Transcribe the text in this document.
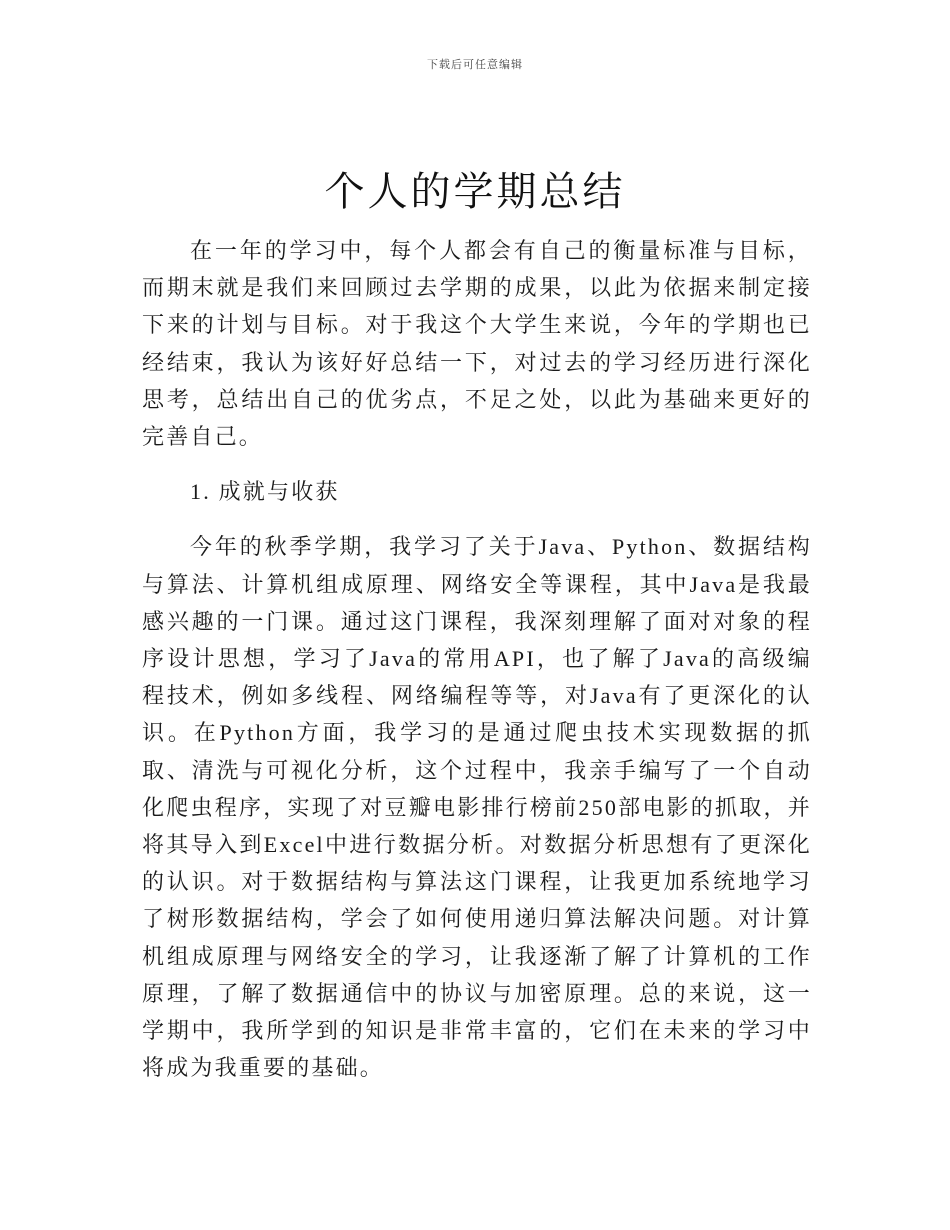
下载后可任意编辑
个人的学期总结

在一年的学习中，每个人都会有自己的衡量标准与目标，而期末就是我们来回顾过去学期的成果，以此为依据来制定接下来的计划与目标。对于我这个大学生来说，今年的学期也已经结束，我认为该好好总结一下，对过去的学习经历进行深化思考，总结出自己的优劣点，不足之处，以此为基础来更好的完善自己。

1. 成就与收获

今年的秋季学期，我学习了关于Java、Python、数据结构与算法、计算机组成原理、网络安全等课程，其中Java是我最感兴趣的一门课。通过这门课程，我深刻理解了面对对象的程序设计思想，学习了Java的常用API，也了解了Java的高级编程技术，例如多线程、网络编程等等，对Java有了更深化的认识。在Python方面，我学习的是通过爬虫技术实现数据的抓取、清洗与可视化分析，这个过程中，我亲手编写了一个自动化爬虫程序，实现了对豆瓣电影排行榜前250部电影的抓取，并将其导入到Excel中进行数据分析。对数据分析思想有了更深化的认识。对于数据结构与算法这门课程，让我更加系统地学习了树形数据结构，学会了如何使用递归算法解决问题。对计算机组成原理与网络安全的学习，让我逐渐了解了计算机的工作原理，了解了数据通信中的协议与加密原理。总的来说，这一学期中，我所学到的知识是非常丰富的，它们在未来的学习中将成为我重要的基础。
